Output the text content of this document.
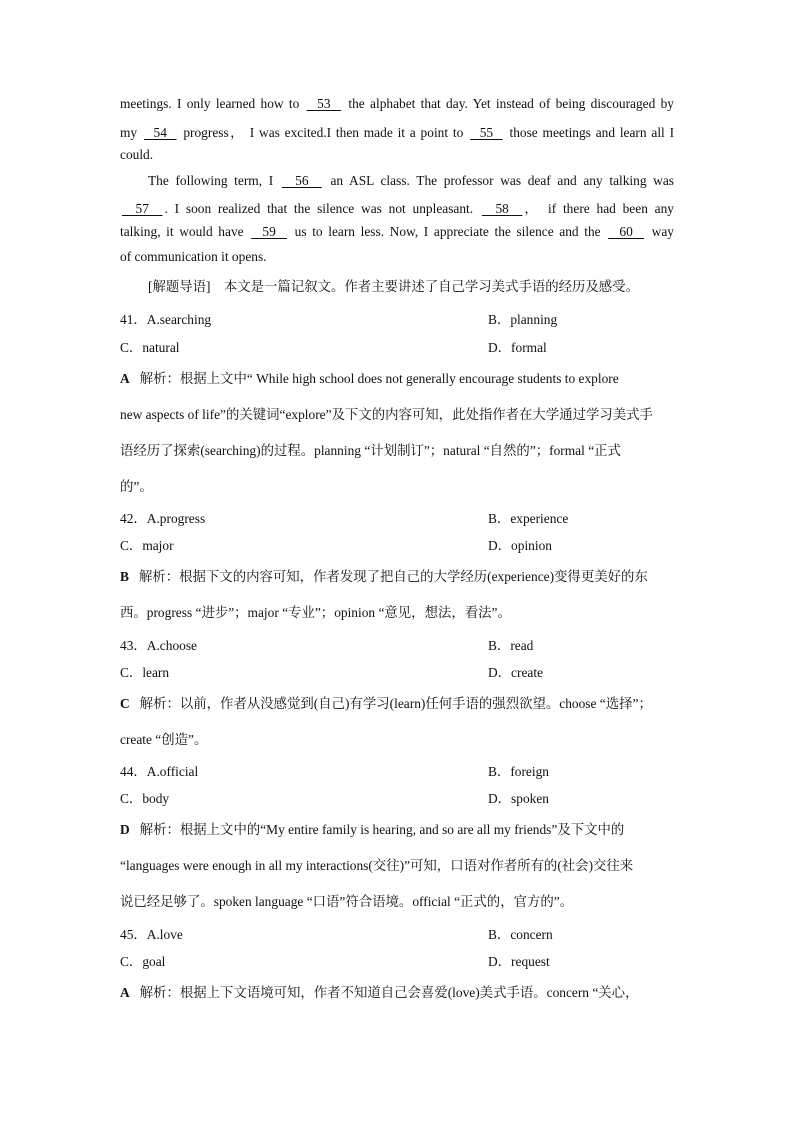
meetings. I only learned how to   53   the alphabet that day. Yet instead of being discouraged by
my   54   progress， I was excited.I then made it a point to   55   those meetings and learn all I
could.
The following term, I   56   an ASL class. The professor was deaf and any talking was
57  . I soon realized that the silence was not unpleasant.   58  ， if there had been any
talking, it would have   59   us to learn less. Now, I appreciate the silence and the   60   way
of communication it opens.
[解题导语]　本文是一篇记叙文。作者主要讲述了自己学习美式手语的经历及感受。
41．A.searching	B．planning
C．natural	D．formal
A 解析：根据上文中“ While high school does not generally encourage students to explore
new aspects of life”的关键词“explore”及下文的内容可知，此处指作者在大学通过学习美式手
语经历了探索(searching)的过程。planning “计划制订”；natural “自然的”；formal “正式
的”。
42．A.progress	B．experience
C．major	D．opinion
B 解析：根据下文的内容可知，作者发现了把自己的大学经历(experience)变得更美好的东
西。progress “进步”；major “专业”；opinion “意见，想法，看法”。
43．A.choose	B．read
C．learn	D．create
C 解析：以前，作者从没感觉到(自己)有学习(learn)任何手语的强烈欲望。choose “选择”；
create “创造”。
44．A.official	B．foreign
C．body	D．spoken
D 解析：根据上文中的“My entire family is hearing, and so are all my friends”及下文中的
“languages were enough in all my interactions(交往)”可知，口语对作者所有的(社会)交往来
说已经足够了。spoken language “口语”符合语境。official “正式的，官方的”。
45．A.love	B．concern
C．goal	D．request
A 解析：根据上下文语境可知，作者不知道自己会喜爱(love)美式手语。concern “关心，
